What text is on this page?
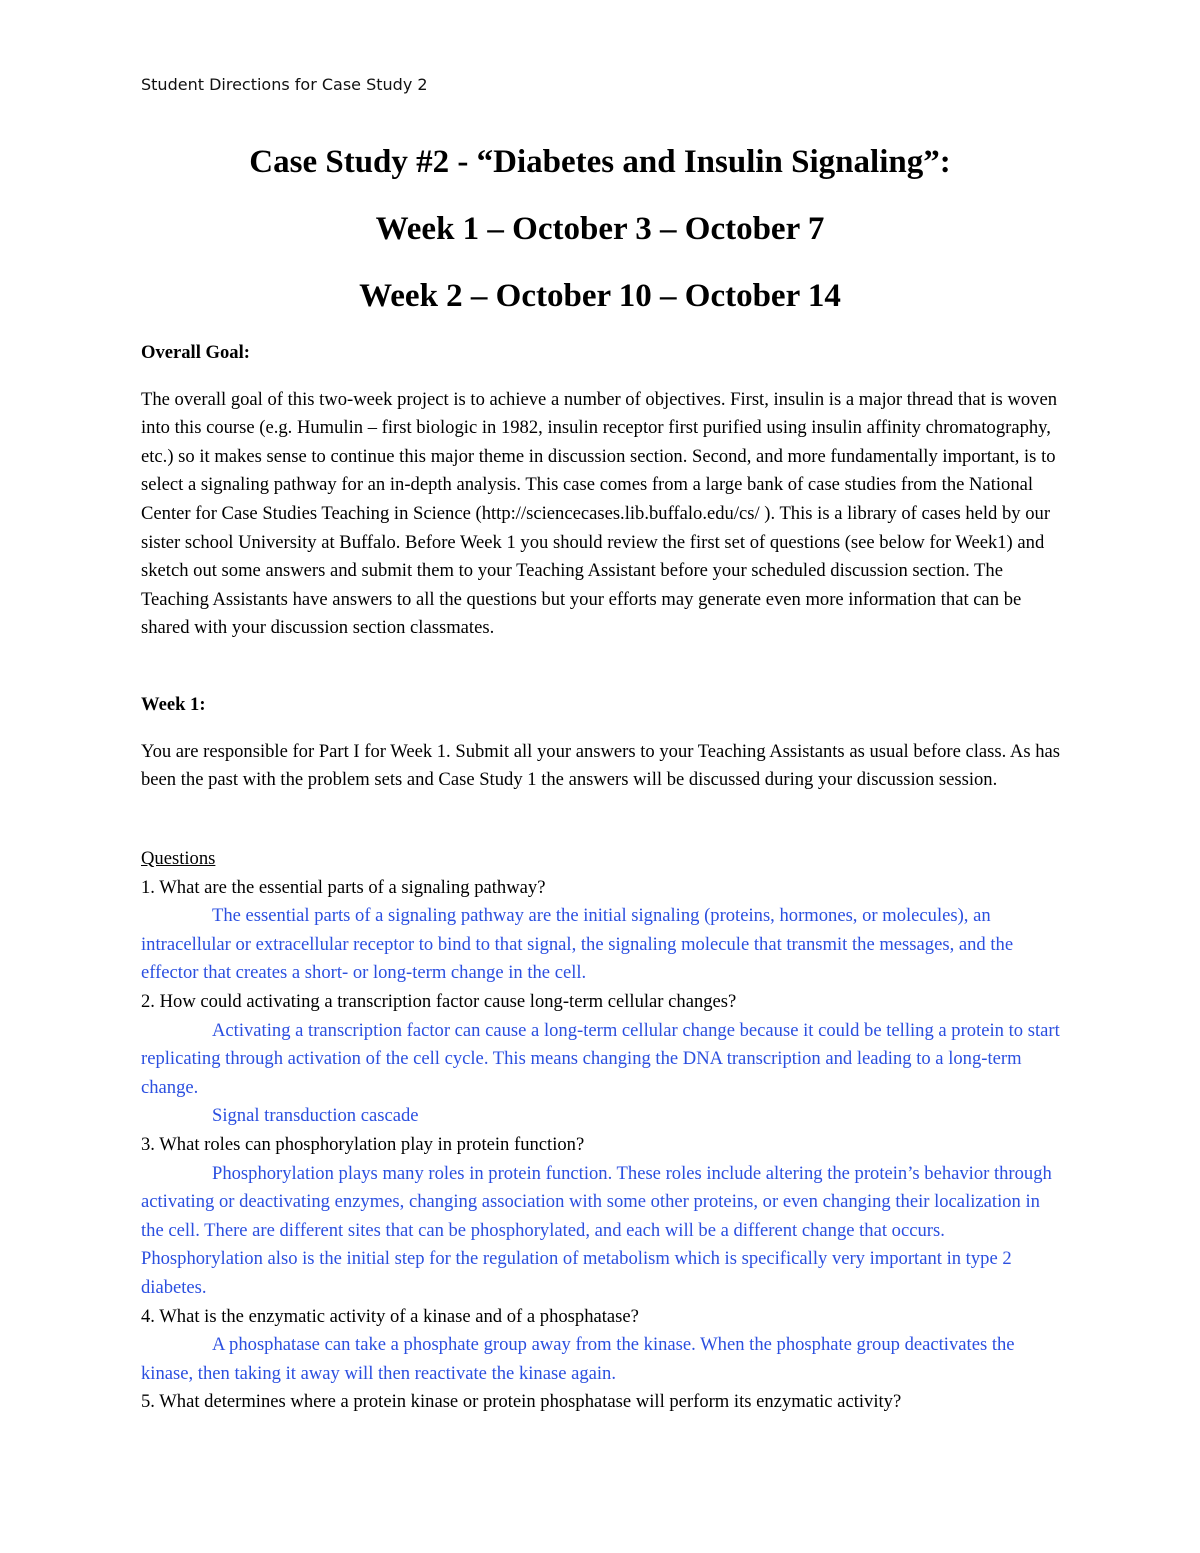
Student Directions for Case Study 2
Case Study #2 - “Diabetes and Insulin Signaling”:
Week 1 – October 3 – October 7
Week 2 – October 10 – October 14

Overall Goal:

The overall goal of this two-week project is to achieve a number of objectives. First, insulin is a major thread that is woven into this course (e.g. Humulin – first biologic in 1982, insulin receptor first purified using insulin affinity chromatography, etc.) so it makes sense to continue this major theme in discussion section. Second, and more fundamentally important, is to select a signaling pathway for an in-depth analysis. This case comes from a large bank of case studies from the National Center for Case Studies Teaching in Science (http://sciencecases.lib.buffalo.edu/cs/ ). This is a library of cases held by our sister school University at Buffalo. Before Week 1 you should review the first set of questions (see below for Week1) and sketch out some answers and submit them to your Teaching Assistant before your scheduled discussion section. The Teaching Assistants have answers to all the questions but your efforts may generate even more information that can be shared with your discussion section classmates.

Week 1:

You are responsible for Part I for Week 1. Submit all your answers to your Teaching Assistants as usual before class. As has been the past with the problem sets and Case Study 1 the answers will be discussed during your discussion session.

Questions

1. What are the essential parts of a signaling pathway?

The essential parts of a signaling pathway are the initial signaling (proteins, hormones, or molecules), an intracellular or extracellular receptor to bind to that signal, the signaling molecule that transmit the messages, and the effector that creates a short- or long-term change in the cell.

2. How could activating a transcription factor cause long-term cellular changes?

Activating a transcription factor can cause a long-term cellular change because it could be telling a protein to start replicating through activation of the cell cycle. This means changing the DNA transcription and leading to a long-term change.

Signal transduction cascade

3. What roles can phosphorylation play in protein function?

Phosphorylation plays many roles in protein function. These roles include altering the protein’s behavior through activating or deactivating enzymes, changing association with some other proteins, or even changing their localization in the cell. There are different sites that can be phosphorylated, and each will be a different change that occurs. Phosphorylation also is the initial step for the regulation of metabolism which is specifically very important in type 2 diabetes.

4. What is the enzymatic activity of a kinase and of a phosphatase?

A phosphatase can take a phosphate group away from the kinase. When the phosphate group deactivates the kinase, then taking it away will then reactivate the kinase again.

5. What determines where a protein kinase or protein phosphatase will perform its enzymatic activity?
